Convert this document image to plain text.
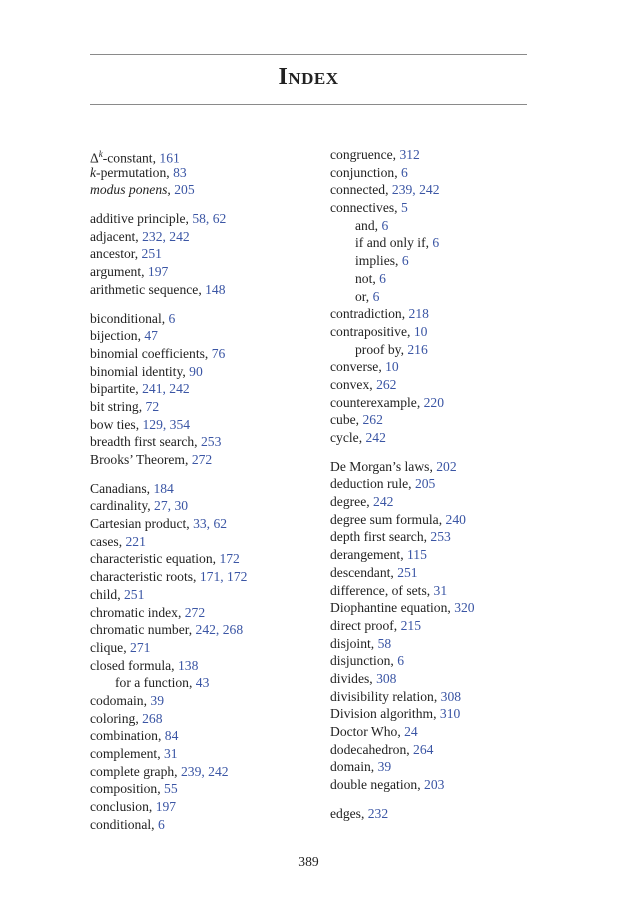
Index
$\Delta^k$-constant, 161
k-permutation, 83
modus ponens, 205
additive principle, 58, 62
adjacent, 232, 242
ancestor, 251
argument, 197
arithmetic sequence, 148
biconditional, 6
bijection, 47
binomial coefficients, 76
binomial identity, 90
bipartite, 241, 242
bit string, 72
bow ties, 129, 354
breadth first search, 253
Brooks’ Theorem, 272
Canadians, 184
cardinality, 27, 30
Cartesian product, 33, 62
cases, 221
characteristic equation, 172
characteristic roots, 171, 172
child, 251
chromatic index, 272
chromatic number, 242, 268
clique, 271
closed formula, 138
for a function, 43
codomain, 39
coloring, 268
combination, 84
complement, 31
complete graph, 239, 242
composition, 55
conclusion, 197
conditional, 6
congruence, 312
conjunction, 6
connected, 239, 242
connectives, 5
and, 6
if and only if, 6
implies, 6
not, 6
or, 6
contradiction, 218
contrapositive, 10
proof by, 216
converse, 10
convex, 262
counterexample, 220
cube, 262
cycle, 242
De Morgan’s laws, 202
deduction rule, 205
degree, 242
degree sum formula, 240
depth first search, 253
derangement, 115
descendant, 251
difference, of sets, 31
Diophantine equation, 320
direct proof, 215
disjoint, 58
disjunction, 6
divides, 308
divisibility relation, 308
Division algorithm, 310
Doctor Who, 24
dodecahedron, 264
domain, 39
double negation, 203
edges, 232
389
